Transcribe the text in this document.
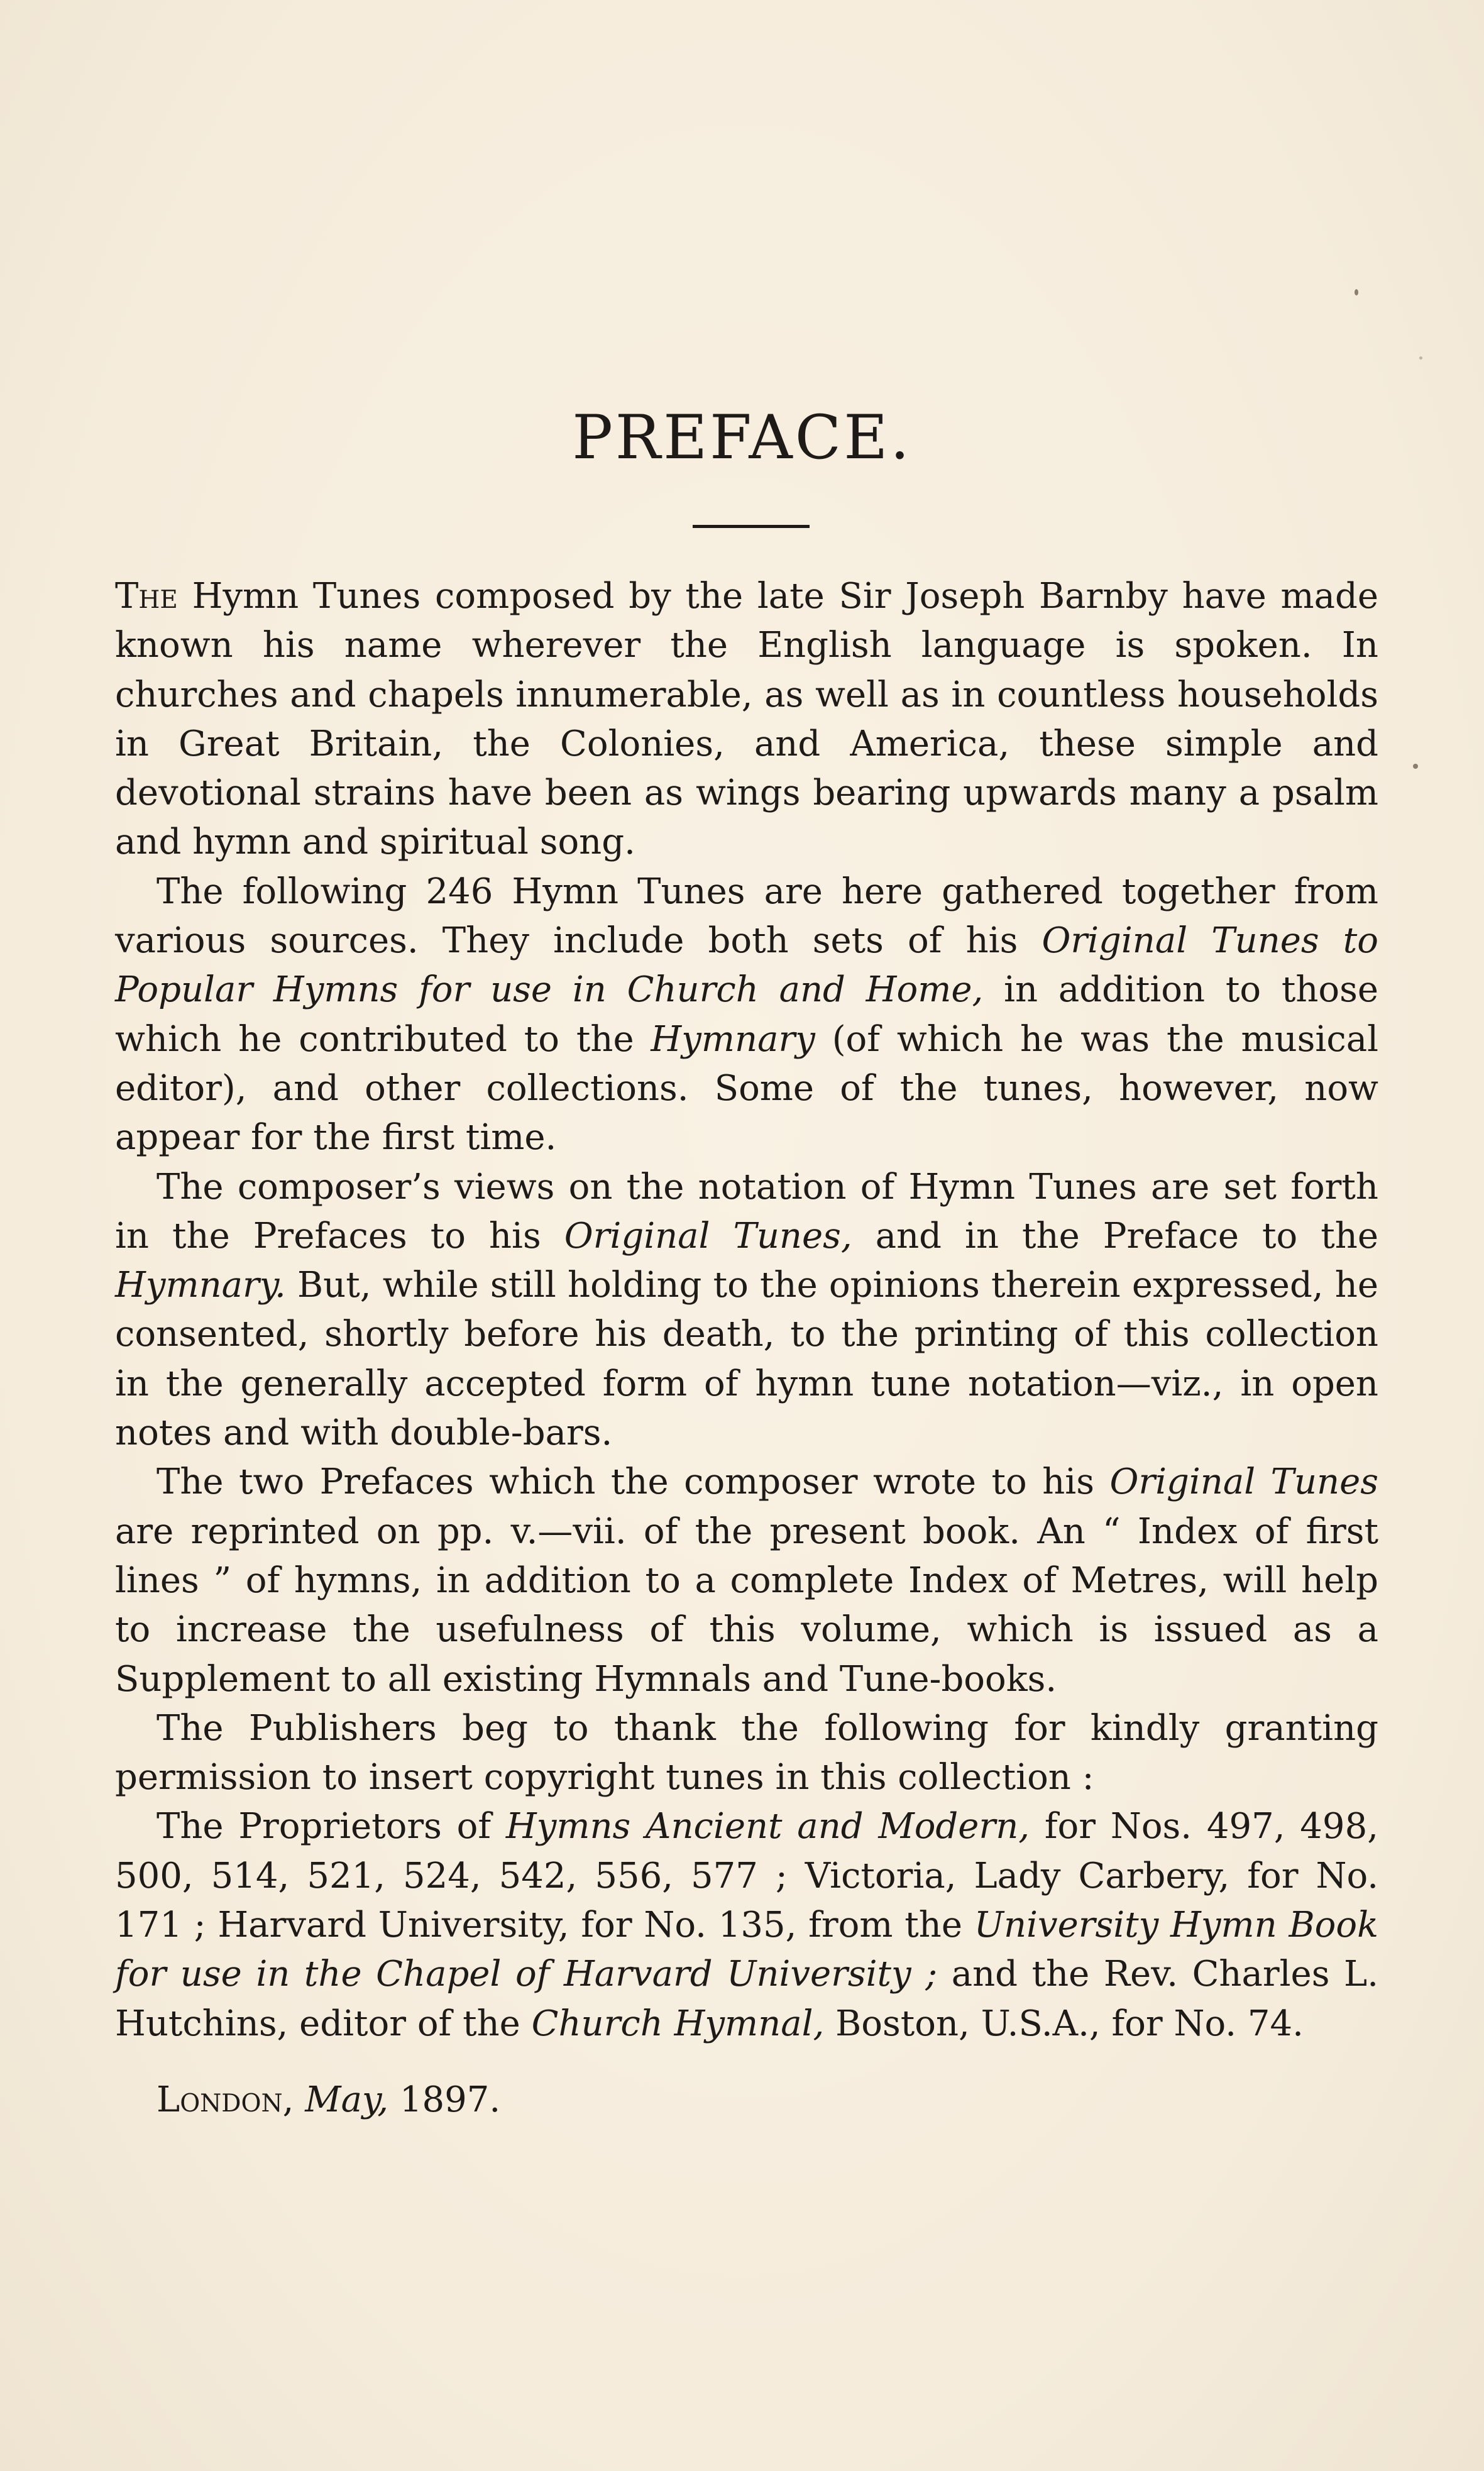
PREFACE.

The Hymn Tunes composed by the late Sir Joseph Barnby have made known his name wherever the English language is spoken. In churches and chapels innumerable, as well as in countless households in Great Britain, the Colonies, and America, these simple and devotional strains have been as wings bearing upwards many a psalm and hymn and spiritual song.

The following 246 Hymn Tunes are here gathered together from various sources. They include both sets of his Original Tunes to Popular Hymns for use in Church and Home, in addition to those which he contributed to the Hymnary (of which he was the musical editor), and other collections. Some of the tunes, however, now appear for the first time.

The composer’s views on the notation of Hymn Tunes are set forth in the Prefaces to his Original Tunes, and in the Preface to the Hymnary. But, while still holding to the opinions therein expressed, he consented, shortly before his death, to the printing of this collection in the generally accepted form of hymn tune notation—viz., in open notes and with double-bars.

The two Prefaces which the composer wrote to his Original Tunes are reprinted on pp. v.—vii. of the present book. An “ Index of first lines ” of hymns, in addition to a complete Index of Metres, will help to increase the usefulness of this volume, which is issued as a Supplement to all existing Hymnals and Tune-books.

The Publishers beg to thank the following for kindly granting permission to insert copyright tunes in this collection :

The Proprietors of Hymns Ancient and Modern, for Nos. 497, 498, 500, 514, 521, 524, 542, 556, 577 ; Victoria, Lady Carbery, for No. 171 ; Harvard University, for No. 135, from the University Hymn Book for use in the Chapel of Harvard University ; and the Rev. Charles L. Hutchins, editor of the Church Hymnal, Boston, U.S.A., for No. 74.

London, May, 1897.
